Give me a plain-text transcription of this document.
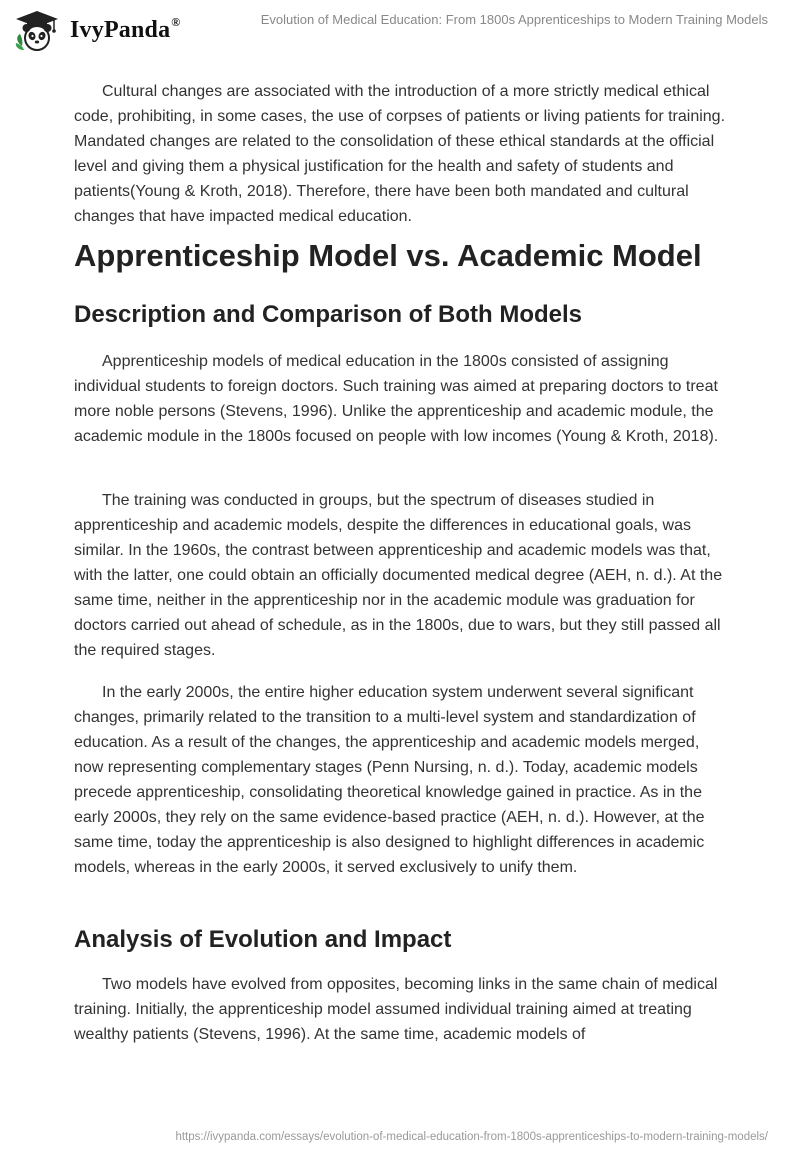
IvyPanda®	Evolution of Medical Education: From 1800s Apprenticeships to Modern Training Models

Cultural changes are associated with the introduction of a more strictly medical ethical code, prohibiting, in some cases, the use of corpses of patients or living patients for training. Mandated changes are related to the consolidation of these ethical standards at the official level and giving them a physical justification for the health and safety of students and patients(Young & Kroth, 2018). Therefore, there have been both mandated and cultural changes that have impacted medical education.

Apprenticeship Model vs. Academic Model
Description and Comparison of Both Models

Apprenticeship models of medical education in the 1800s consisted of assigning individual students to foreign doctors. Such training was aimed at preparing doctors to treat more noble persons (Stevens, 1996). Unlike the apprenticeship and academic module, the academic module in the 1800s focused on people with low incomes (Young & Kroth, 2018).

The training was conducted in groups, but the spectrum of diseases studied in apprenticeship and academic models, despite the differences in educational goals, was similar. In the 1960s, the contrast between apprenticeship and academic models was that, with the latter, one could obtain an officially documented medical degree (AEH, n. d.). At the same time, neither in the apprenticeship nor in the academic module was graduation for doctors carried out ahead of schedule, as in the 1800s, due to wars, but they still passed all the required stages.

In the early 2000s, the entire higher education system underwent several significant changes, primarily related to the transition to a multi-level system and standardization of education. As a result of the changes, the apprenticeship and academic models merged, now representing complementary stages (Penn Nursing, n. d.). Today, academic models precede apprenticeship, consolidating theoretical knowledge gained in practice. As in the early 2000s, they rely on the same evidence-based practice (AEH, n. d.). However, at the same time, today the apprenticeship is also designed to highlight differences in academic models, whereas in the early 2000s, it served exclusively to unify them.

Analysis of Evolution and Impact

Two models have evolved from opposites, becoming links in the same chain of medical training. Initially, the apprenticeship model assumed individual training aimed at treating wealthy patients (Stevens, 1996). At the same time, academic models of

https://ivypanda.com/essays/evolution-of-medical-education-from-1800s-apprenticeships-to-modern-training-models/
